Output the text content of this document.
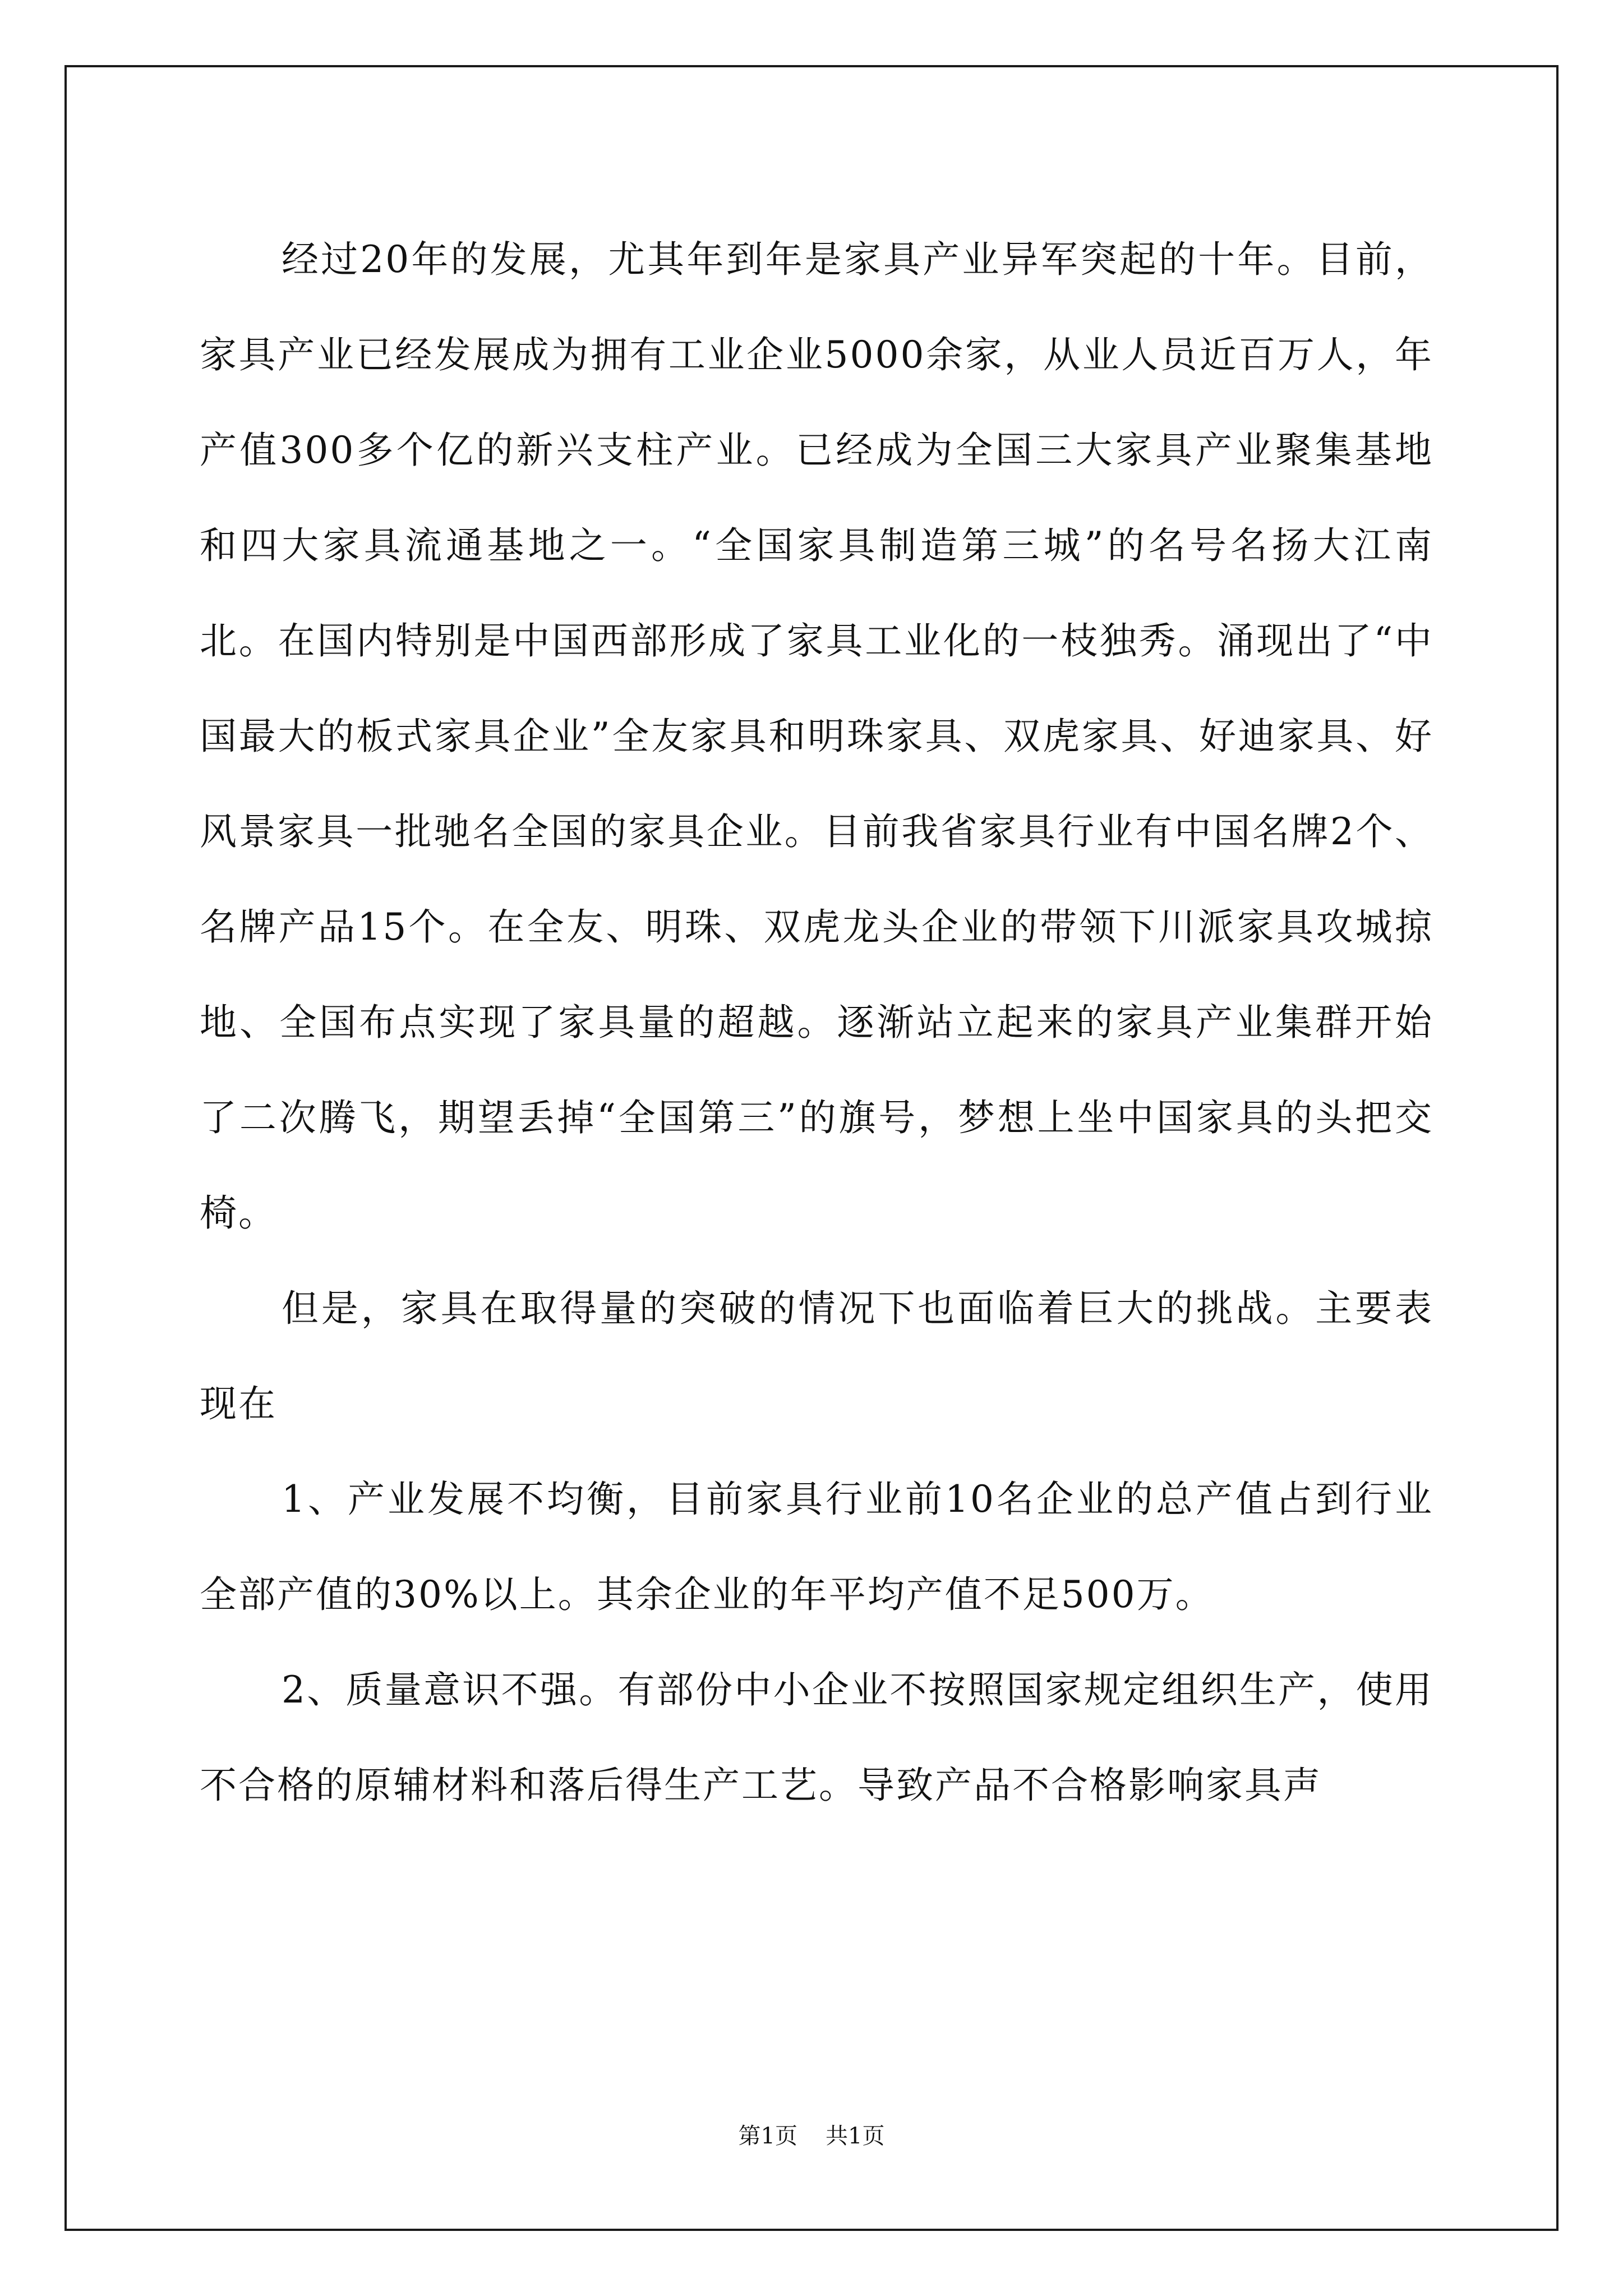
经过20年的发展，尤其年到年是家具产业异军突起的十年。目前，家具产业已经发展成为拥有工业企业5000余家，从业人员近百万人，年产值300多个亿的新兴支柱产业。已经成为全国三大家具产业聚集基地和四大家具流通基地之一。“全国家具制造第三城”的名号名扬大江南北。在国内特别是中国西部形成了家具工业化的一枝独秀。涌现出了“中国最大的板式家具企业”全友家具和明珠家具、双虎家具、好迪家具、好风景家具一批驰名全国的家具企业。目前我省家具行业有中国名牌2个、名牌产品15个。在全友、明珠、双虎龙头企业的带领下川派家具攻城掠地、全国布点实现了家具量的超越。逐渐站立起来的家具产业集群开始了二次腾飞，期望丢掉“全国第三”的旗号，梦想上坐中国家具的头把交椅。

但是，家具在取得量的突破的情况下也面临着巨大的挑战。主要表现在

1、产业发展不均衡，目前家具行业前10名企业的总产值占到行业全部产值的30%以上。其余企业的年平均产值不足500万。

2、质量意识不强。有部份中小企业不按照国家规定组织生产，使用不合格的原辅材料和落后得生产工艺。导致产品不合格影响家具声

第1页 共1页
